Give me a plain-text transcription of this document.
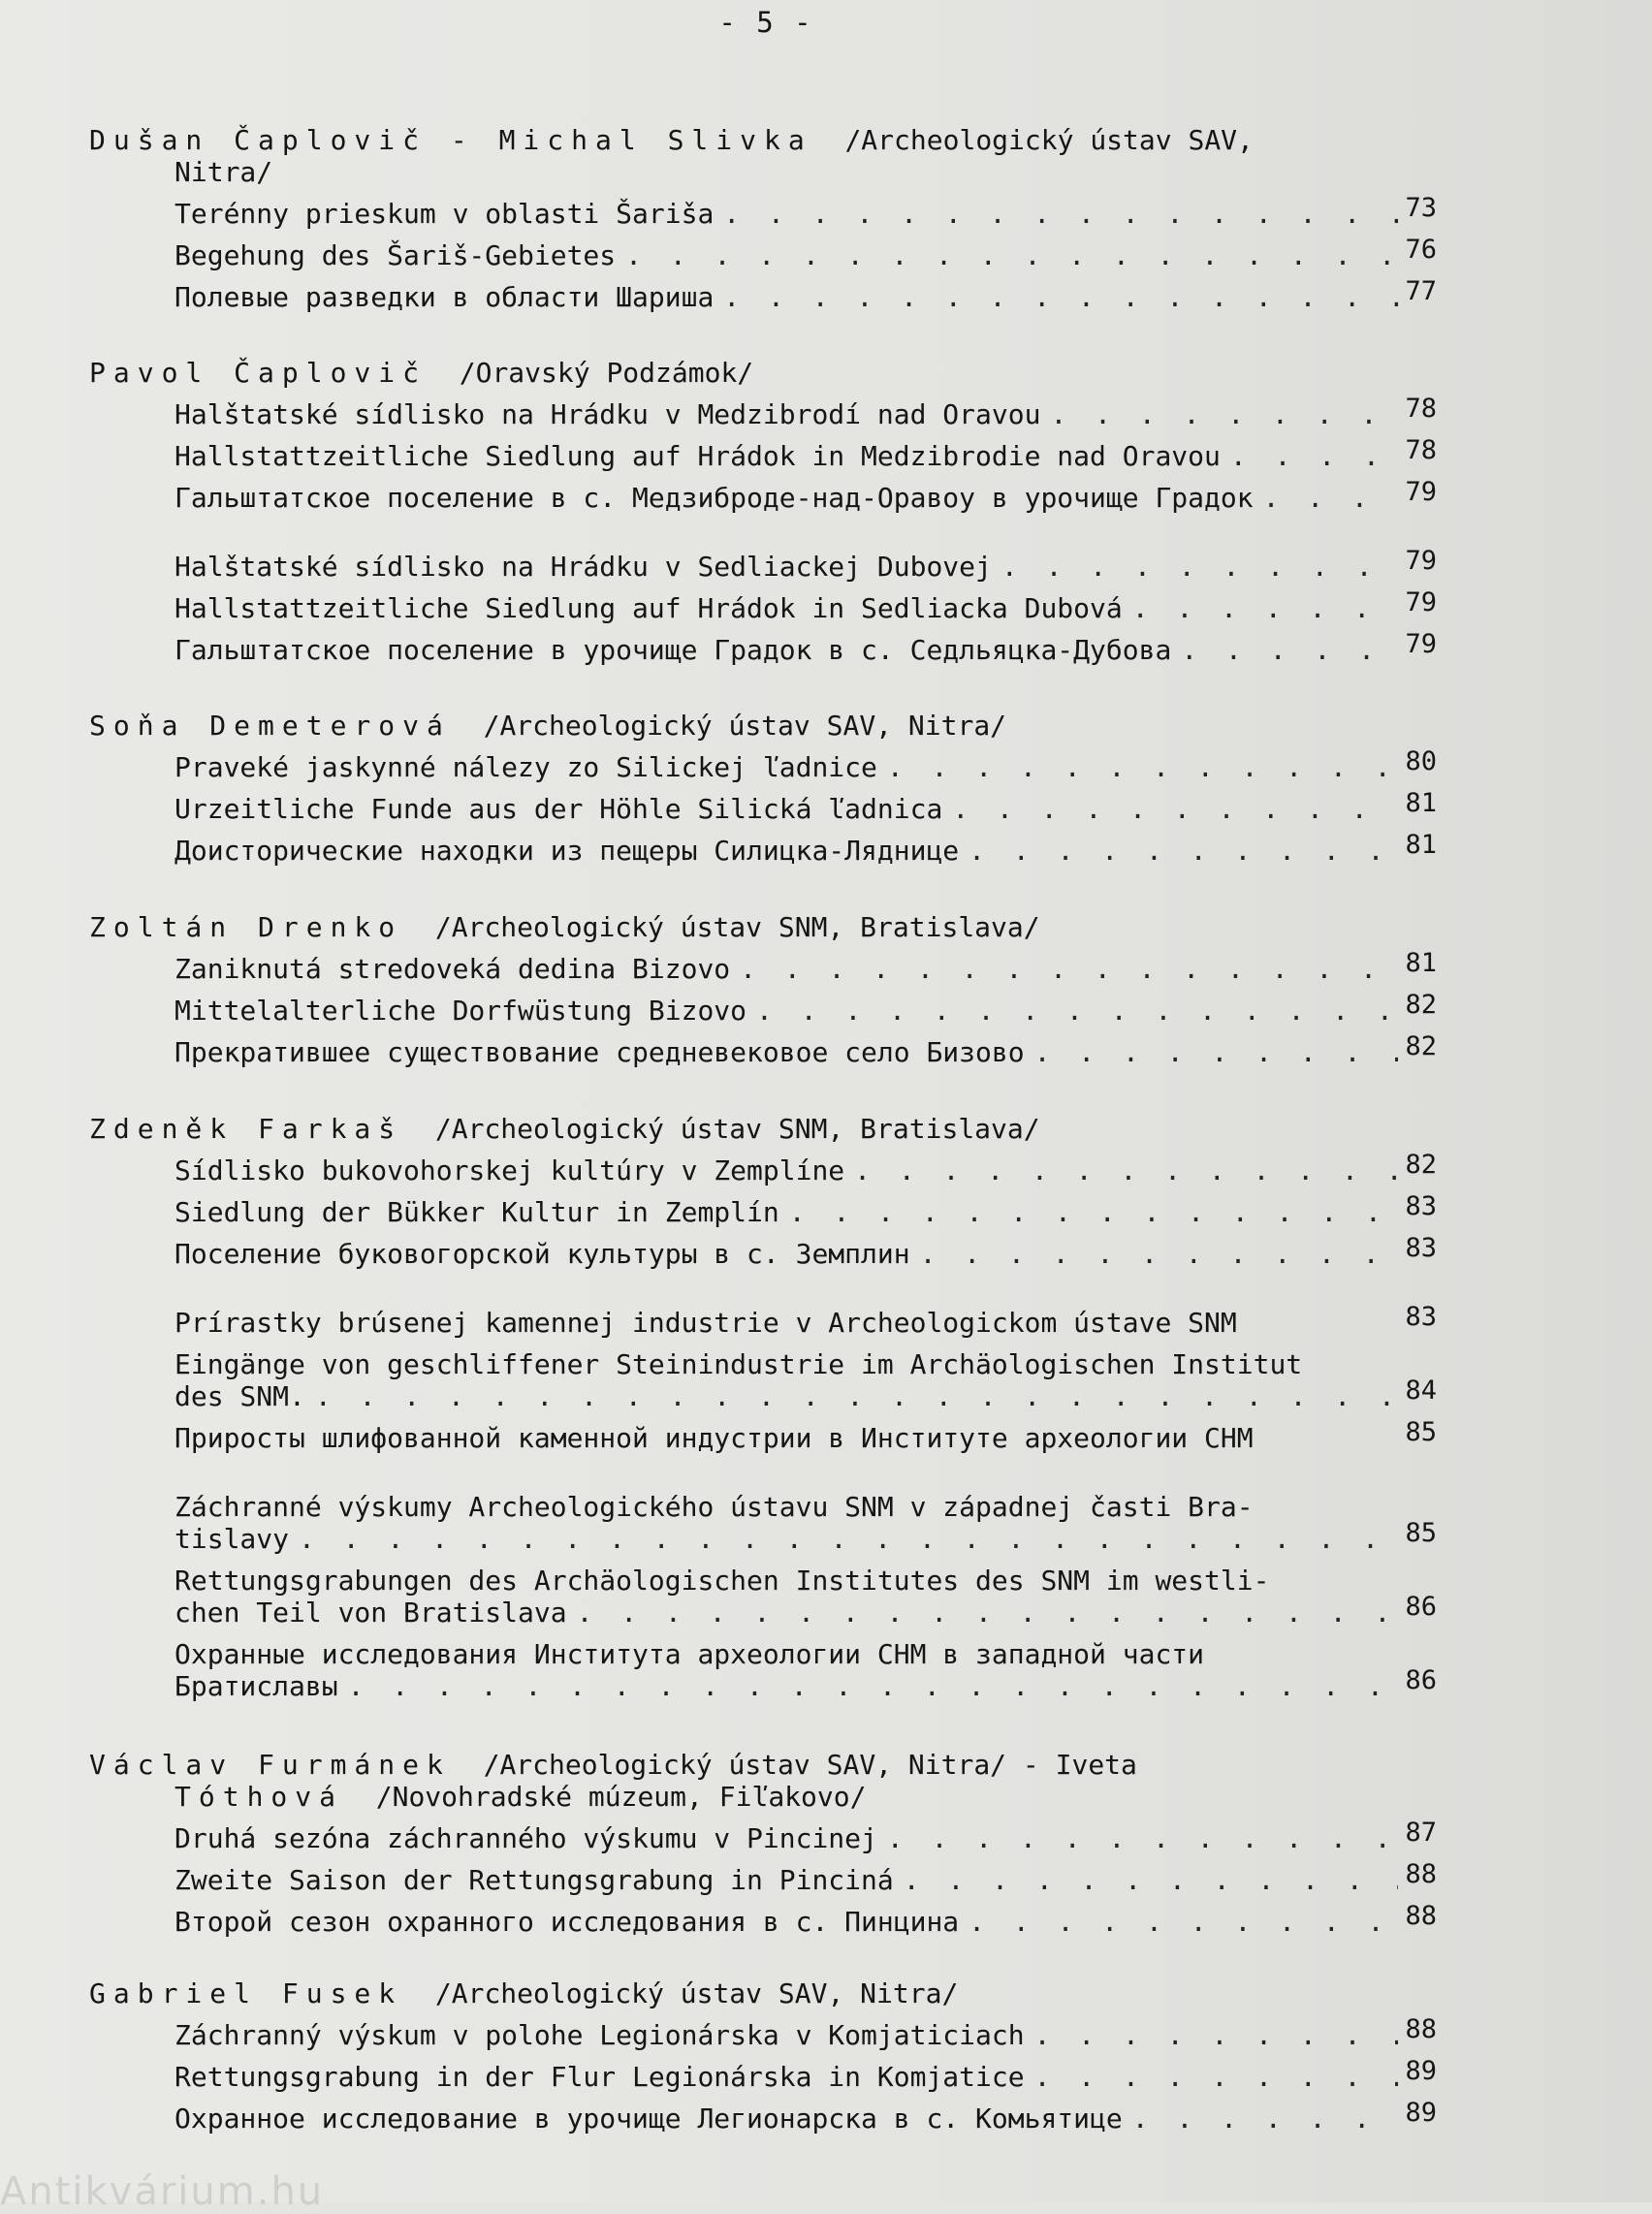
- 5 -
Dušan Čaplovič - Michal Slivka /Archeologický ústav SAV,
Nitra/
Terénny prieskum v oblasti Šariša . . .	73
Begehung des Šariš-Gebietes . . .	76
Полевые разведки в области Шариша . . .	77
Pavol Čaplovič /Oravský Podzámok/
Halštatské sídlisko na Hrádku v Medzibrodí nad Oravou . . .	78
Hallstattzeitliche Siedlung auf Hrádok in Medzibrodie nad Oravou . . .	78
Гальштатское поселение в с. Медзиброде-над-Оравоу в урочище Градок . . .	79
Halštatské sídlisko na Hrádku v Sedliackej Dubovej . . .	79
Hallstattzeitliche Siedlung auf Hrádok in Sedliacka Dubová . . .	79
Гальштатское поселение в урочище Градок в с. Седльяцка-Дубова . . .	79
Soňa Demeterová /Archeologický ústav SAV, Nitra/
Praveké jaskynné nálezy zo Silickej ľadnice . . .	80
Urzeitliche Funde aus der Höhle Silická ľadnica . . .	81
Доисторические находки из пещеры Силицка-Ляднице . . .	81
Zoltán Drenko /Archeologický ústav SNM, Bratislava/
Zaniknutá stredoveká dedina Bizovo . . .	81
Mittelalterliche Dorfwüstung Bizovo . . .	82
Прекратившее существование средневековое село Бизово . . .	82
Zdeněk Farkaš /Archeologický ústav SNM, Bratislava/
Sídlisko bukovohorskej kultúry v Zemplíne . . .	82
Siedlung der Bükker Kultur in Zemplín . . .	83
Поселение буковогорской культуры в с. Земплин . . .	83
Prírastky brúsenej kamennej industrie v Archeologickom ústave SNM	83
Eingänge von geschliffener Steinindustrie im Archäologischen Institut
des SNM. . . .	84
Приросты шлифованной каменной индустрии в Институте археологии СНМ	85
Záchranné výskumy Archeologického ústavu SNM v západnej časti Bra-
tislavy . . .	85
Rettungsgrabungen des Archäologischen Institutes des SNM im westli-
chen Teil von Bratislava . . .	86
Охранные исследования Института археологии СНМ в западной части
Братиславы . . .	86
Václav Furmánek /Archeologický ústav SAV, Nitra/ - Iveta
Tóthová /Novohradské múzeum, Fiľakovo/
Druhá sezóna záchranného výskumu v Pincinej . . .	87
Zweite Saison der Rettungsgrabung in Pinciná . . .	88
Второй сезон охранного исследования в с. Пинцина . . .	88
Gabriel Fusek /Archeologický ústav SAV, Nitra/
Záchranný výskum v polohe Legionárska v Komjaticiach . . .	88
Rettungsgrabung in der Flur Legionárska in Komjatice . . .	89
Охранное исследование в урочище Легионарска в с. Комьятице . . .	89
Antikvárium.hu
